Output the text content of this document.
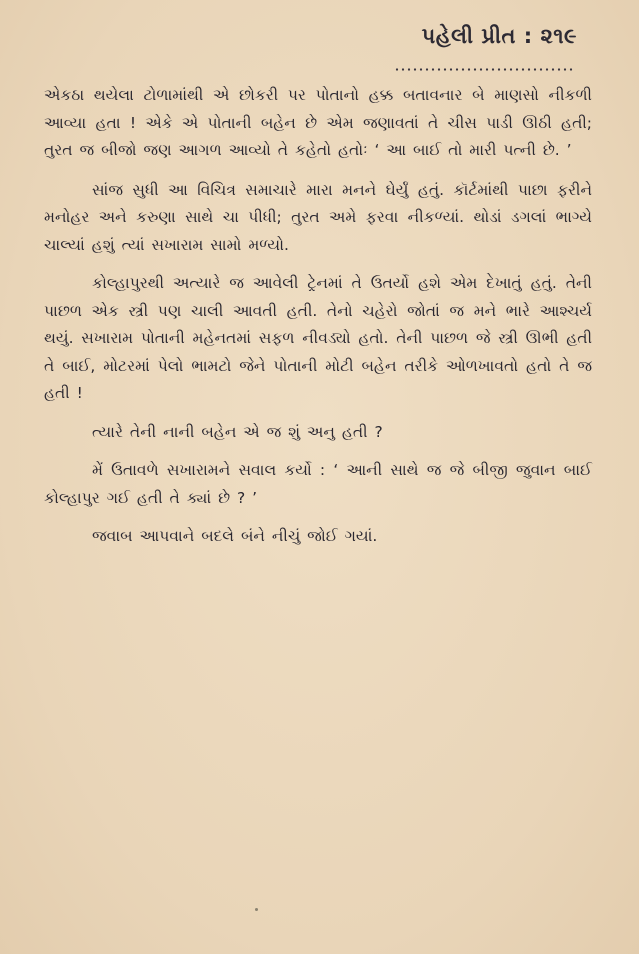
પહેલી પ્રીત : ૨૧૯

એકઠા થયેલા ટોળામાંથી એ છોકરી પર પોતાનો હક્ક બતાવનાર બે માણસો નીકળી આવ્યા હતા ! એકે એ પોતાની બહેન છે એમ જણાવતાં તે ચીસ પાડી ઊઠી હતી; તુરત જ બીજો જણ આગળ આવ્યો તે કહેતો હતોઃ ‘ આ બાઈ તો મારી પત્ની છે. ’

સાંજ સુધી આ વિચિત્ર સમાચારે મારા મનને ઘેર્યું હતું. કૉર્ટમાંથી પાછા ફરીને મનોહર અને કરુણા સાથે ચા પીધી; તુરત અમે ફરવા નીકળ્યાં. થોડાં ડગલાં ભાગ્યે ચાલ્યાં હશું ત્યાં સખારામ સામો મળ્યો.

કોલ્હાપુરથી અત્યારે જ આવેલી ટ્રેનમાં તે ઉતર્યો હશે એમ દેખાતું હતું. તેની પાછળ એક સ્ત્રી પણ ચાલી આવતી હતી. તેનો ચહેરો જોતાં જ મને ભારે આશ્ચર્ય થયું. સખારામ પોતાની મહેનતમાં સફળ નીવડ્યો હતો. તેની પાછળ જે સ્ત્રી ઊભી હતી તે બાઈ, મોટરમાં પેલો ભામટો જેને પોતાની મોટી બહેન તરીકે ઓળખાવતો હતો તે જ હતી !

ત્યારે તેની નાની બહેન એ જ શું અનુ હતી ?

મેં ઉતાવળે સખારામને સવાલ કર્યો : ‘ આની સાથે જ જે બીજી જુવાન બાઈ કોલ્હાપુર ગઈ હતી તે ક્યાં છે ? ’

જવાબ આપવાને બદલે બંને નીચું જોઈ ગયાં.
